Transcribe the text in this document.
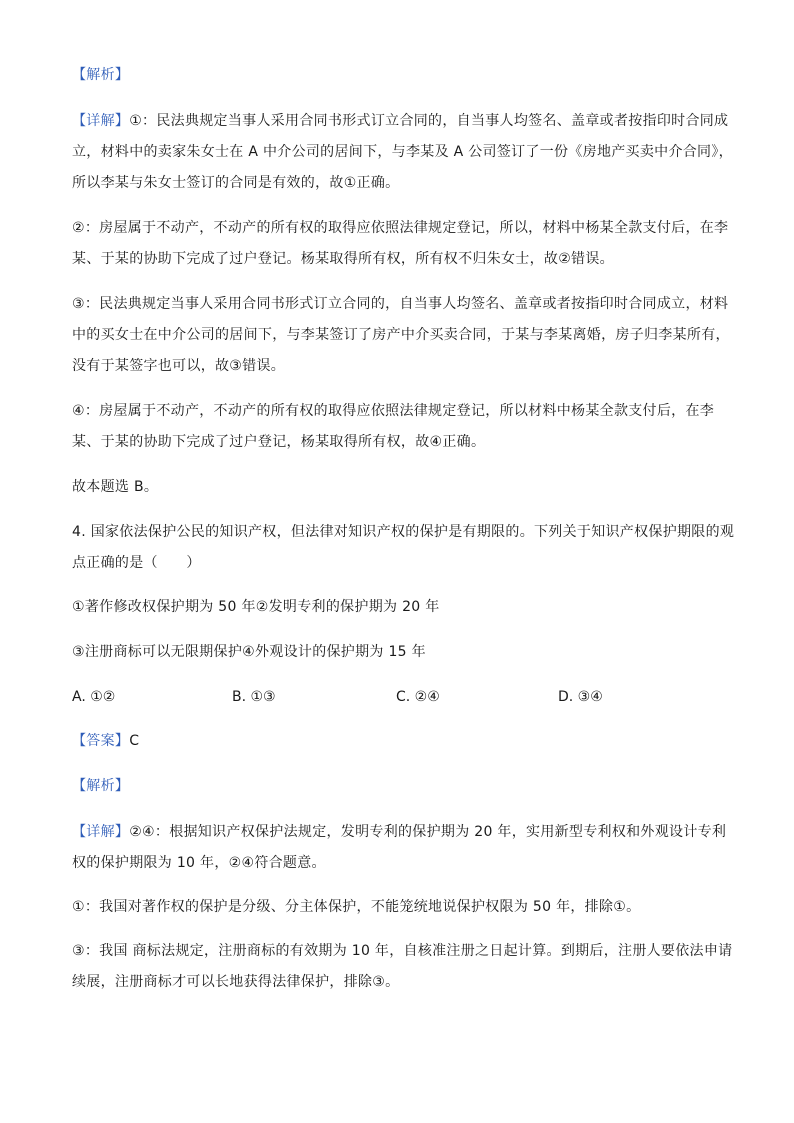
【解析】
【详解】①：民法典规定当事人采用合同书形式订立合同的，自当事人均签名、盖章或者按指印时合同成
立，材料中的卖家朱女士在 A 中介公司的居间下，与李某及 A 公司签订了一份《房地产买卖中介合同》，
所以李某与朱女士签订的合同是有效的，故①正确。
②：房屋属于不动产，不动产的所有权的取得应依照法律规定登记，所以，材料中杨某全款支付后，在李
某、于某的协助下完成了过户登记。杨某取得所有权，所有权不归朱女士，故②错误。
③：民法典规定当事人采用合同书形式订立合同的，自当事人均签名、盖章或者按指印时合同成立，材料
中的买女士在中介公司的居间下，与李某签订了房产中介买卖合同，于某与李某离婚，房子归李某所有，
没有于某签字也可以，故③错误。
④：房屋属于不动产，不动产的所有权的取得应依照法律规定登记，所以材料中杨某全款支付后，在李
某、于某的协助下完成了过户登记，杨某取得所有权，故④正确。
故本题选 B。
4. 国家依法保护公民的知识产权，但法律对知识产权的保护是有期限的。下列关于知识产权保护期限的观
点正确的是（　　）
①著作修改权保护期为 50 年②发明专利的保护期为 20 年
③注册商标可以无限期保护④外观设计的保护期为 15 年
A. ①②	B. ①③	C. ②④	D. ③④
【答案】C
【解析】
【详解】②④：根据知识产权保护法规定，发明专利的保护期为 20 年，实用新型专利权和外观设计专利
权的保护期限为 10 年，②④符合题意。
①：我国对著作权的保护是分级、分主体保护，不能笼统地说保护权限为 50 年，排除①。
③：我国 商标法规定，注册商标的有效期为 10 年，自核准注册之日起计算。到期后，注册人要依法申请
续展，注册商标才可以长地获得法律保护，排除③。
